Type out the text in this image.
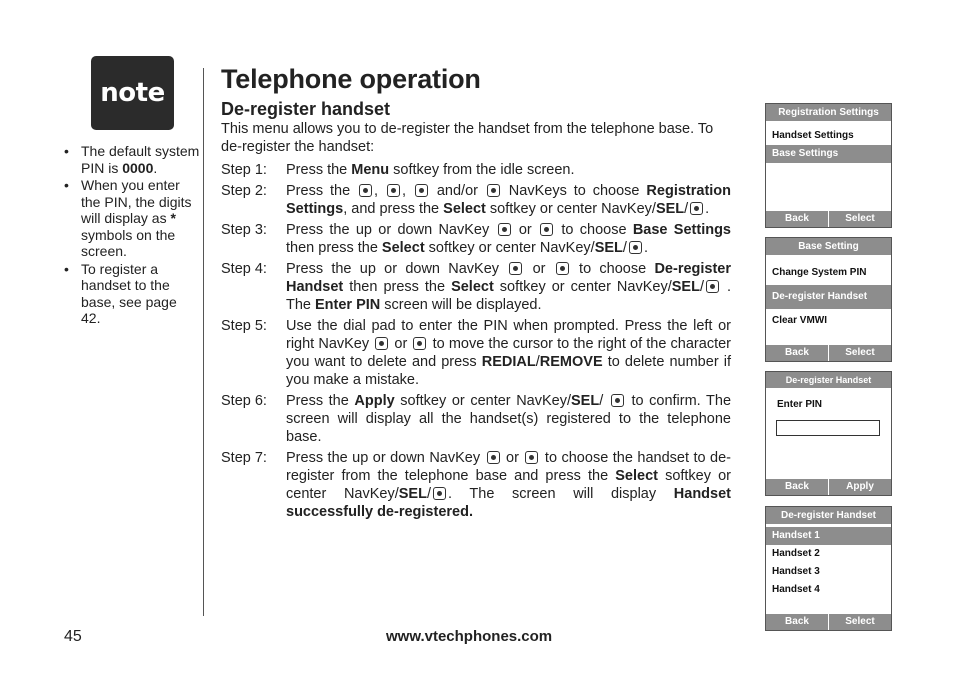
note
• The default system PIN is 0000.
• When you enter the PIN, the digits will display as * symbols on the screen.
• To register a handset to the base, see page 42.
Telephone operation
De-register handset
This menu allows you to de-register the handset from the telephone base. To de-register the handset:
Step 1:	Press the Menu softkey from the idle screen.
Step 2:	Press the , ,  and/or  NavKeys to choose Registration Settings, and press the Select softkey or center NavKey/SEL/ .
Step 3:	Press the up or down NavKey  or  to choose Base Settings then press the Select softkey or center NavKey/SEL/ .
Step 4:	Press the up or down NavKey  or  to choose De-register Handset then press the Select softkey or center NavKey/SEL/ . The Enter PIN screen will be displayed.
Step 5:	Use the dial pad to enter the PIN when prompted. Press the left or right NavKey  or  to move the cursor to the right of the character you want to delete and press REDIAL/REMOVE to delete number if you make a mistake.
Step 6:	Press the Apply softkey or center NavKey/SEL/  to confirm. The screen will display all the handset(s) registered to the telephone base.
Step 7:	Press the up or down NavKey  or  to choose the handset to de-register from the telephone base and press the Select softkey or center NavKey/SEL/ . The screen will display Handset successfully de-registered.
Registration Settings
Handset Settings
Base Settings
Back	Select
Base Setting
Change System PIN
De-register Handset
Clear VMWI
Back	Select
De-register Handset
Enter PIN
Back	Apply
De-register Handset
Handset 1
Handset 2
Handset 3
Handset 4
Back	Select
45	www.vtechphones.com
